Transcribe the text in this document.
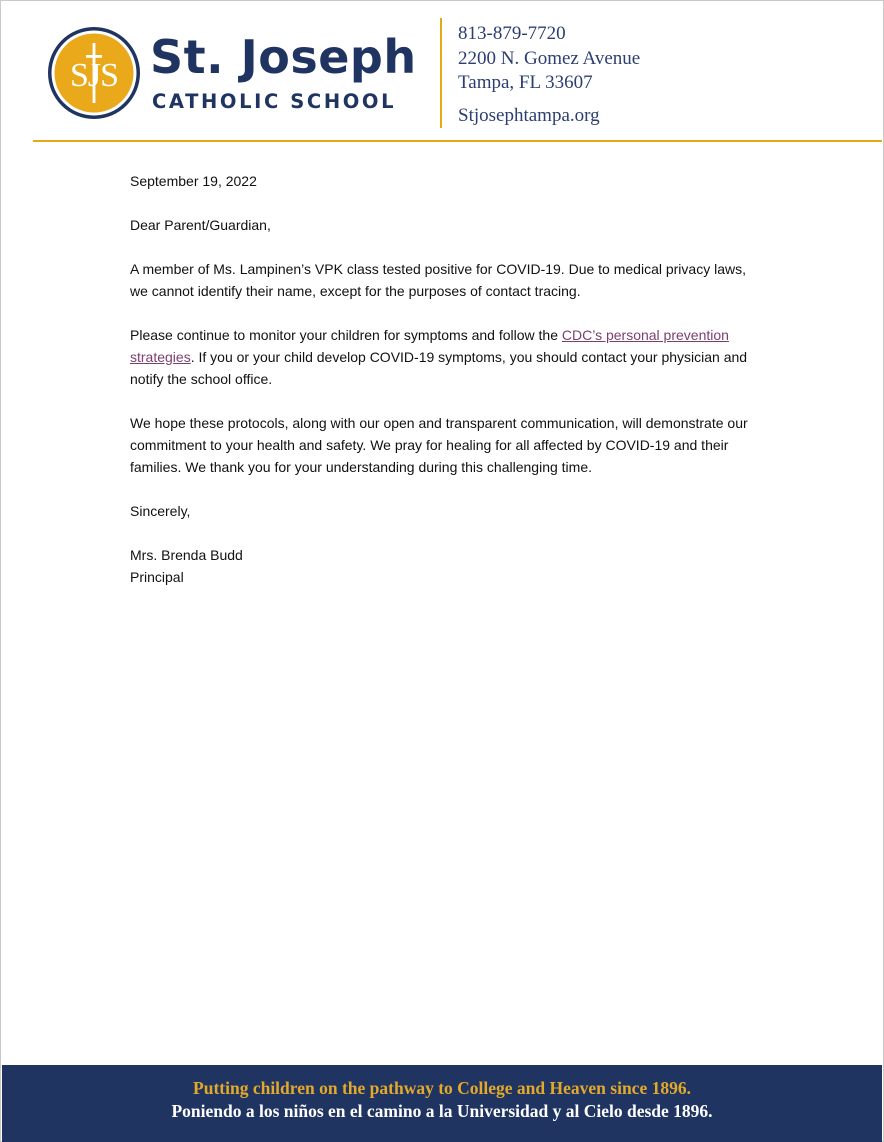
SJS St. Joseph
CATHOLIC SCHOOL
813-879-7720
2200 N. Gomez Avenue
Tampa, FL 33607
Stjosephtampa.org

September 19, 2022

Dear Parent/Guardian,

A member of Ms. Lampinen’s VPK class tested positive for COVID-19. Due to medical privacy laws, we cannot identify their name, except for the purposes of contact tracing.

Please continue to monitor your children for symptoms and follow the CDC’s personal prevention strategies. If you or your child develop COVID-19 symptoms, you should contact your physician and notify the school office.

We hope these protocols, along with our open and transparent communication, will demonstrate our commitment to your health and safety. We pray for healing for all affected by COVID-19 and their families. We thank you for your understanding during this challenging time.

Sincerely,

Mrs. Brenda Budd

Principal

Putting children on the pathway to College and Heaven since 1896.
Poniendo a los niños en el camino a la Universidad y al Cielo desde 1896.
